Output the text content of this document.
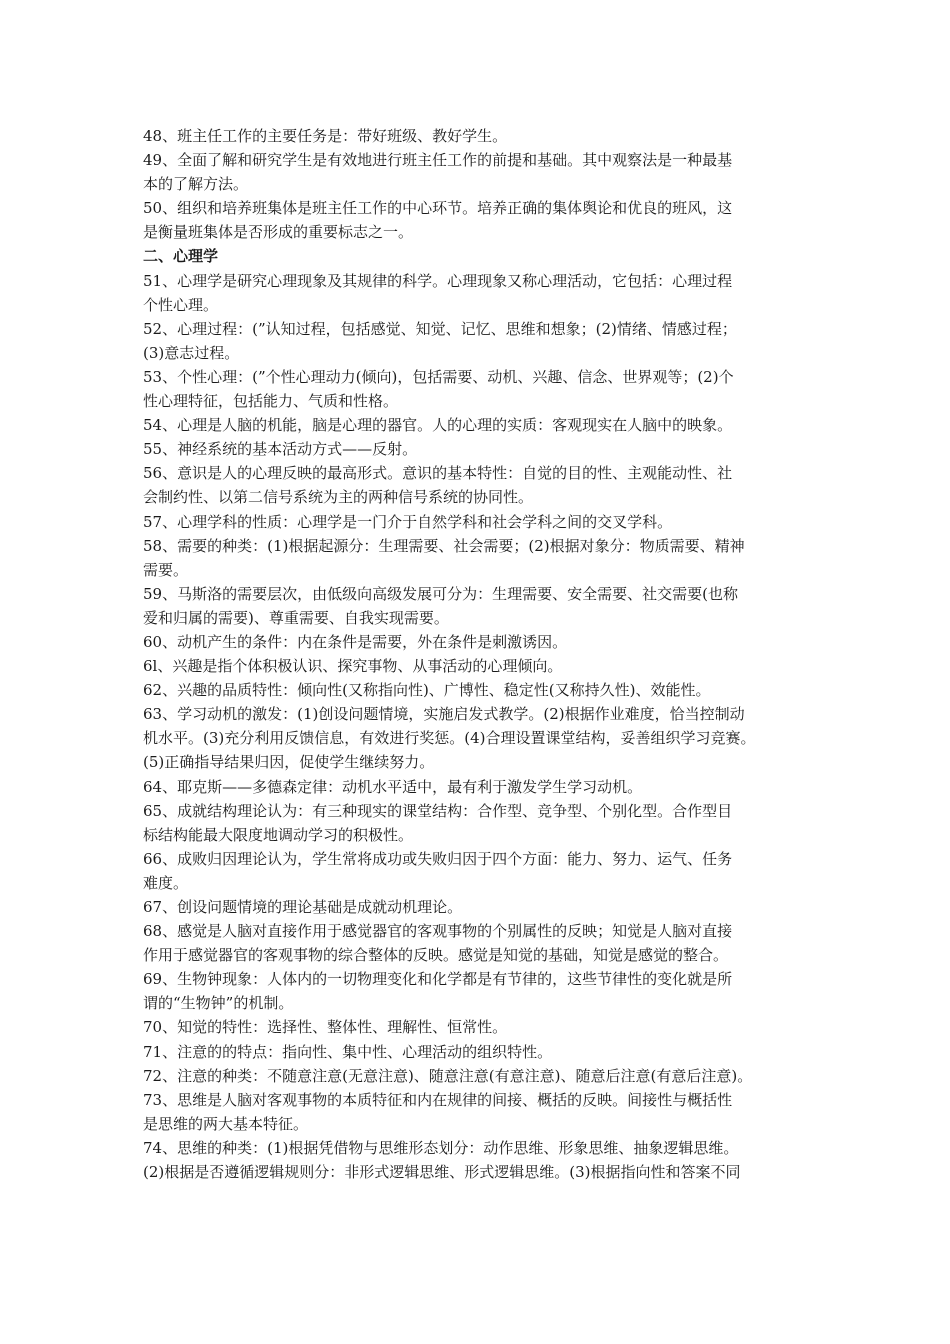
48、班主任工作的主要任务是：带好班级、教好学生。
49、全面了解和研究学生是有效地进行班主任工作的前提和基础。其中观察法是一种最基
本的了解方法。
50、组织和培养班集体是班主任工作的中心环节。培养正确的集体舆论和优良的班风，这
是衡量班集体是否形成的重要标志之一。
二、心理学
51、心理学是研究心理现象及其规律的科学。心理现象又称心理活动，它包括：心理过程
个性心理。
52、心理过程：(”认知过程，包括感觉、知觉、记忆、思维和想象；(2)情绪、情感过程；
(3)意志过程。
53、个性心理：(”个性心理动力(倾向)，包括需要、动机、兴趣、信念、世界观等；(2)个
性心理特征，包括能力、气质和性格。
54、心理是人脑的机能，脑是心理的器官。人的心理的实质：客观现实在人脑中的映象。
55、神经系统的基本活动方式——反射。
56、意识是人的心理反映的最高形式。意识的基本特性：自觉的目的性、主观能动性、社
会制约性、以第二信号系统为主的两种信号系统的协同性。
57、心理学科的性质：心理学是一门介于自然学科和社会学科之间的交叉学科。
58、需要的种类：(1)根据起源分：生理需要、社会需要；(2)根据对象分：物质需要、精神
需要。
59、马斯洛的需要层次，由低级向高级发展可分为：生理需要、安全需要、社交需要(也称
爱和归属的需要)、尊重需要、自我实现需要。
60、动机产生的条件：内在条件是需要，外在条件是刺激诱因。
6l、兴趣是指个体积极认识、探究事物、从事活动的心理倾向。
62、兴趣的品质特性：倾向性(又称指向性)、广博性、稳定性(又称持久性)、效能性。
63、学习动机的激发：(1)创设问题情境，实施启发式教学。(2)根据作业难度，恰当控制动
机水平。(3)充分利用反馈信息，有效进行奖惩。(4)合理设置课堂结构，妥善组织学习竞赛。
(5)正确指导结果归因，促使学生继续努力。
64、耶克斯——多德森定律：动机水平适中，最有利于激发学生学习动机。
65、成就结构理论认为：有三种现实的课堂结构：合作型、竞争型、个别化型。合作型目
标结构能最大限度地调动学习的积极性。
66、成败归因理论认为，学生常将成功或失败归因于四个方面：能力、努力、运气、任务
难度。
67、创设问题情境的理论基础是成就动机理论。
68、感觉是人脑对直接作用于感觉器官的客观事物的个别属性的反映；知觉是人脑对直接
作用于感觉器官的客观事物的综合整体的反映。感觉是知觉的基础，知觉是感觉的整合。
69、生物钟现象：人体内的一切物理变化和化学都是有节律的，这些节律性的变化就是所
谓的“生物钟”的机制。
70、知觉的特性：选择性、整体性、理解性、恒常性。
71、注意的的特点：指向性、集中性、心理活动的组织特性。
72、注意的种类：不随意注意(无意注意)、随意注意(有意注意)、随意后注意(有意后注意)。
73、思维是人脑对客观事物的本质特征和内在规律的间接、概括的反映。间接性与概括性
是思维的两大基本特征。
74、思维的种类：(1)根据凭借物与思维形态划分：动作思维、形象思维、抽象逻辑思维。
(2)根据是否遵循逻辑规则分：非形式逻辑思维、形式逻辑思维。(3)根据指向性和答案不同
